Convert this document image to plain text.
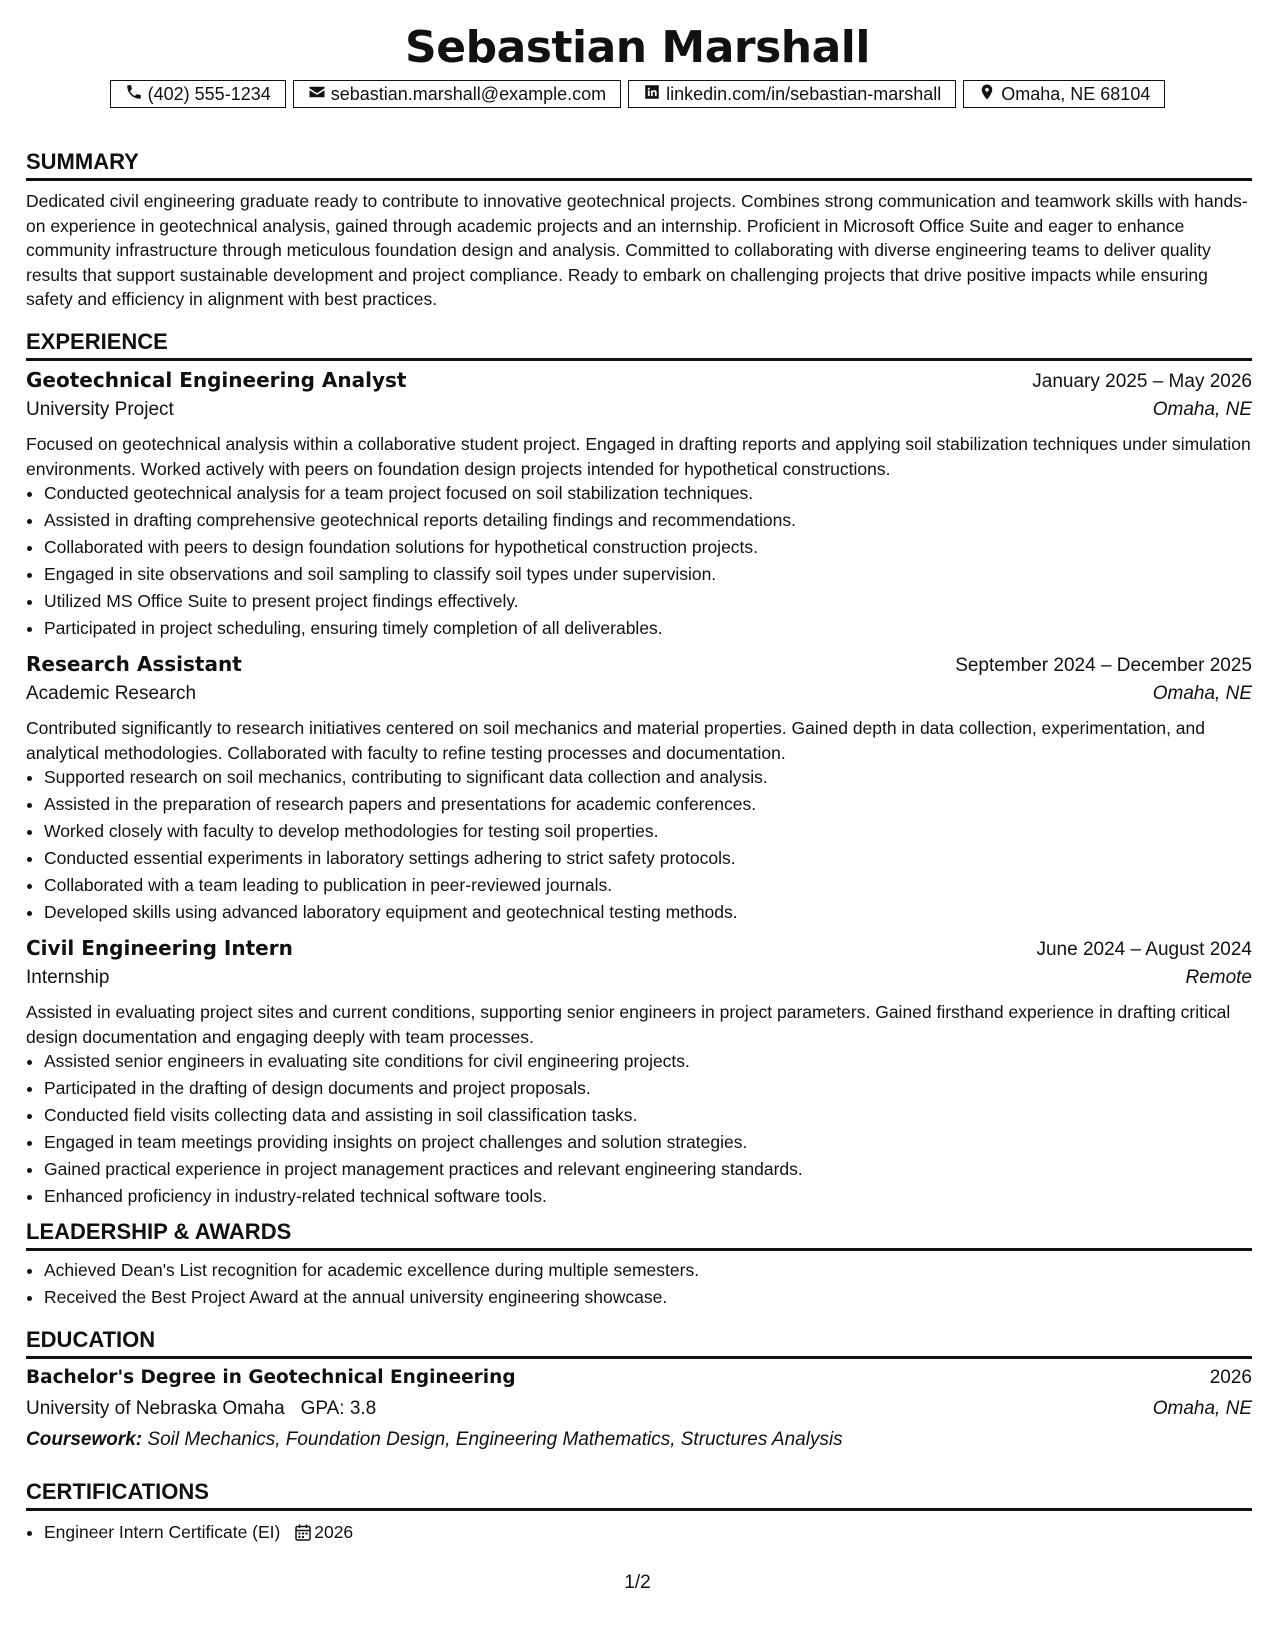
Sebastian Marshall
(402) 555-1234	sebastian.marshall@example.com	linkedin.com/in/sebastian-marshall	Omaha, NE 68104
SUMMARY
Dedicated civil engineering graduate ready to contribute to innovative geotechnical projects. Combines strong communication and teamwork skills with hands-on experience in geotechnical analysis, gained through academic projects and an internship. Proficient in Microsoft Office Suite and eager to enhance community infrastructure through meticulous foundation design and analysis. Committed to collaborating with diverse engineering teams to deliver quality results that support sustainable development and project compliance. Ready to embark on challenging projects that drive positive impacts while ensuring safety and efficiency in alignment with best practices.
EXPERIENCE
Geotechnical Engineering Analyst	January 2025 – May 2026
University Project	Omaha, NE
Focused on geotechnical analysis within a collaborative student project. Engaged in drafting reports and applying soil stabilization techniques under simulation environments. Worked actively with peers on foundation design projects intended for hypothetical constructions.
• Conducted geotechnical analysis for a team project focused on soil stabilization techniques.
• Assisted in drafting comprehensive geotechnical reports detailing findings and recommendations.
• Collaborated with peers to design foundation solutions for hypothetical construction projects.
• Engaged in site observations and soil sampling to classify soil types under supervision.
• Utilized MS Office Suite to present project findings effectively.
• Participated in project scheduling, ensuring timely completion of all deliverables.
Research Assistant	September 2024 – December 2025
Academic Research	Omaha, NE
Contributed significantly to research initiatives centered on soil mechanics and material properties. Gained depth in data collection, experimentation, and analytical methodologies. Collaborated with faculty to refine testing processes and documentation.
• Supported research on soil mechanics, contributing to significant data collection and analysis.
• Assisted in the preparation of research papers and presentations for academic conferences.
• Worked closely with faculty to develop methodologies for testing soil properties.
• Conducted essential experiments in laboratory settings adhering to strict safety protocols.
• Collaborated with a team leading to publication in peer-reviewed journals.
• Developed skills using advanced laboratory equipment and geotechnical testing methods.
Civil Engineering Intern	June 2024 – August 2024
Internship	Remote
Assisted in evaluating project sites and current conditions, supporting senior engineers in project parameters. Gained firsthand experience in drafting critical design documentation and engaging deeply with team processes.
• Assisted senior engineers in evaluating site conditions for civil engineering projects.
• Participated in the drafting of design documents and project proposals.
• Conducted field visits collecting data and assisting in soil classification tasks.
• Engaged in team meetings providing insights on project challenges and solution strategies.
• Gained practical experience in project management practices and relevant engineering standards.
• Enhanced proficiency in industry-related technical software tools.
LEADERSHIP & AWARDS
• Achieved Dean's List recognition for academic excellence during multiple semesters.
• Received the Best Project Award at the annual university engineering showcase.
EDUCATION
Bachelor's Degree in Geotechnical Engineering	2026
University of Nebraska Omaha GPA: 3.8	Omaha, NE
Coursework: Soil Mechanics, Foundation Design, Engineering Mathematics, Structures Analysis
CERTIFICATIONS
• Engineer Intern Certificate (EI) 2026
1/2
